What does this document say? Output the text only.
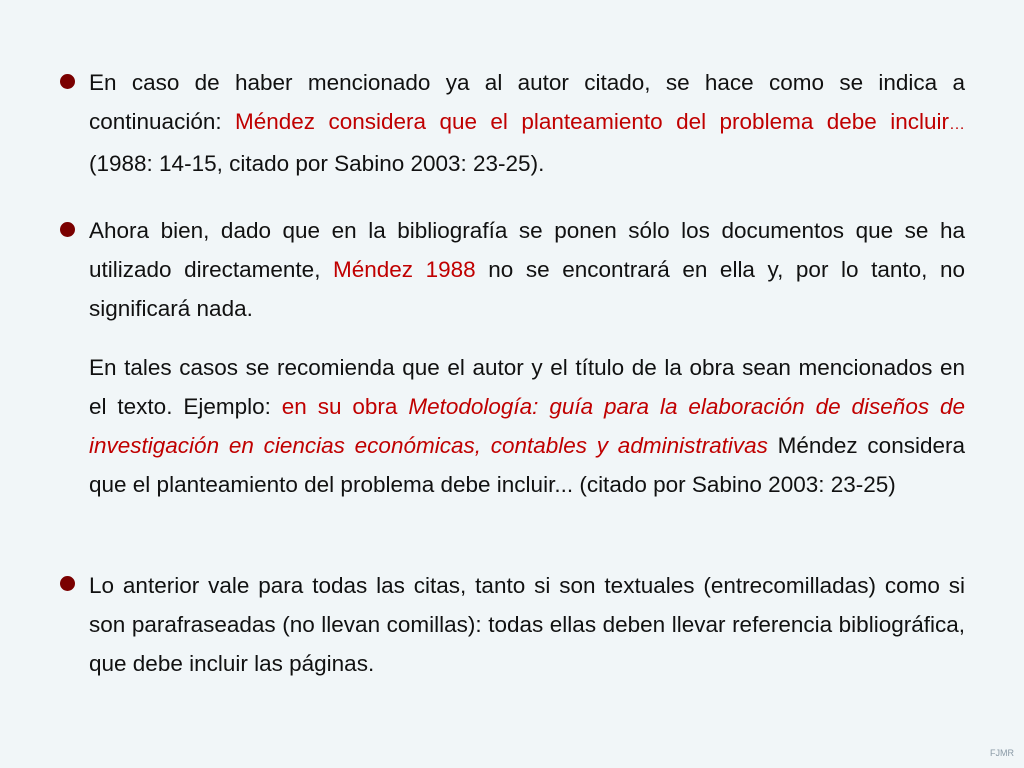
En caso de haber mencionado ya al autor citado, se hace como se indica a continuación: Méndez considera que el planteamiento del problema debe incluir… (1988: 14-15, citado por Sabino 2003: 23-25).
Ahora bien, dado que en la bibliografía se ponen sólo los documentos que se ha utilizado directamente, Méndez 1988 no se encontrará en ella y, por lo tanto, no significará nada.
En tales casos se recomienda que el autor y el título de la obra sean mencionados en el texto. Ejemplo: en su obra Metodología: guía para la elaboración de diseños de investigación en ciencias económicas, contables y administrativas Méndez considera que el planteamiento del problema debe incluir... (citado por Sabino 2003: 23-25)
Lo anterior vale para todas las citas, tanto si son textuales (entrecomilladas) como si son parafraseadas (no llevan comillas): todas ellas deben llevar referencia bibliográfica, que debe incluir las páginas.
FJMR
